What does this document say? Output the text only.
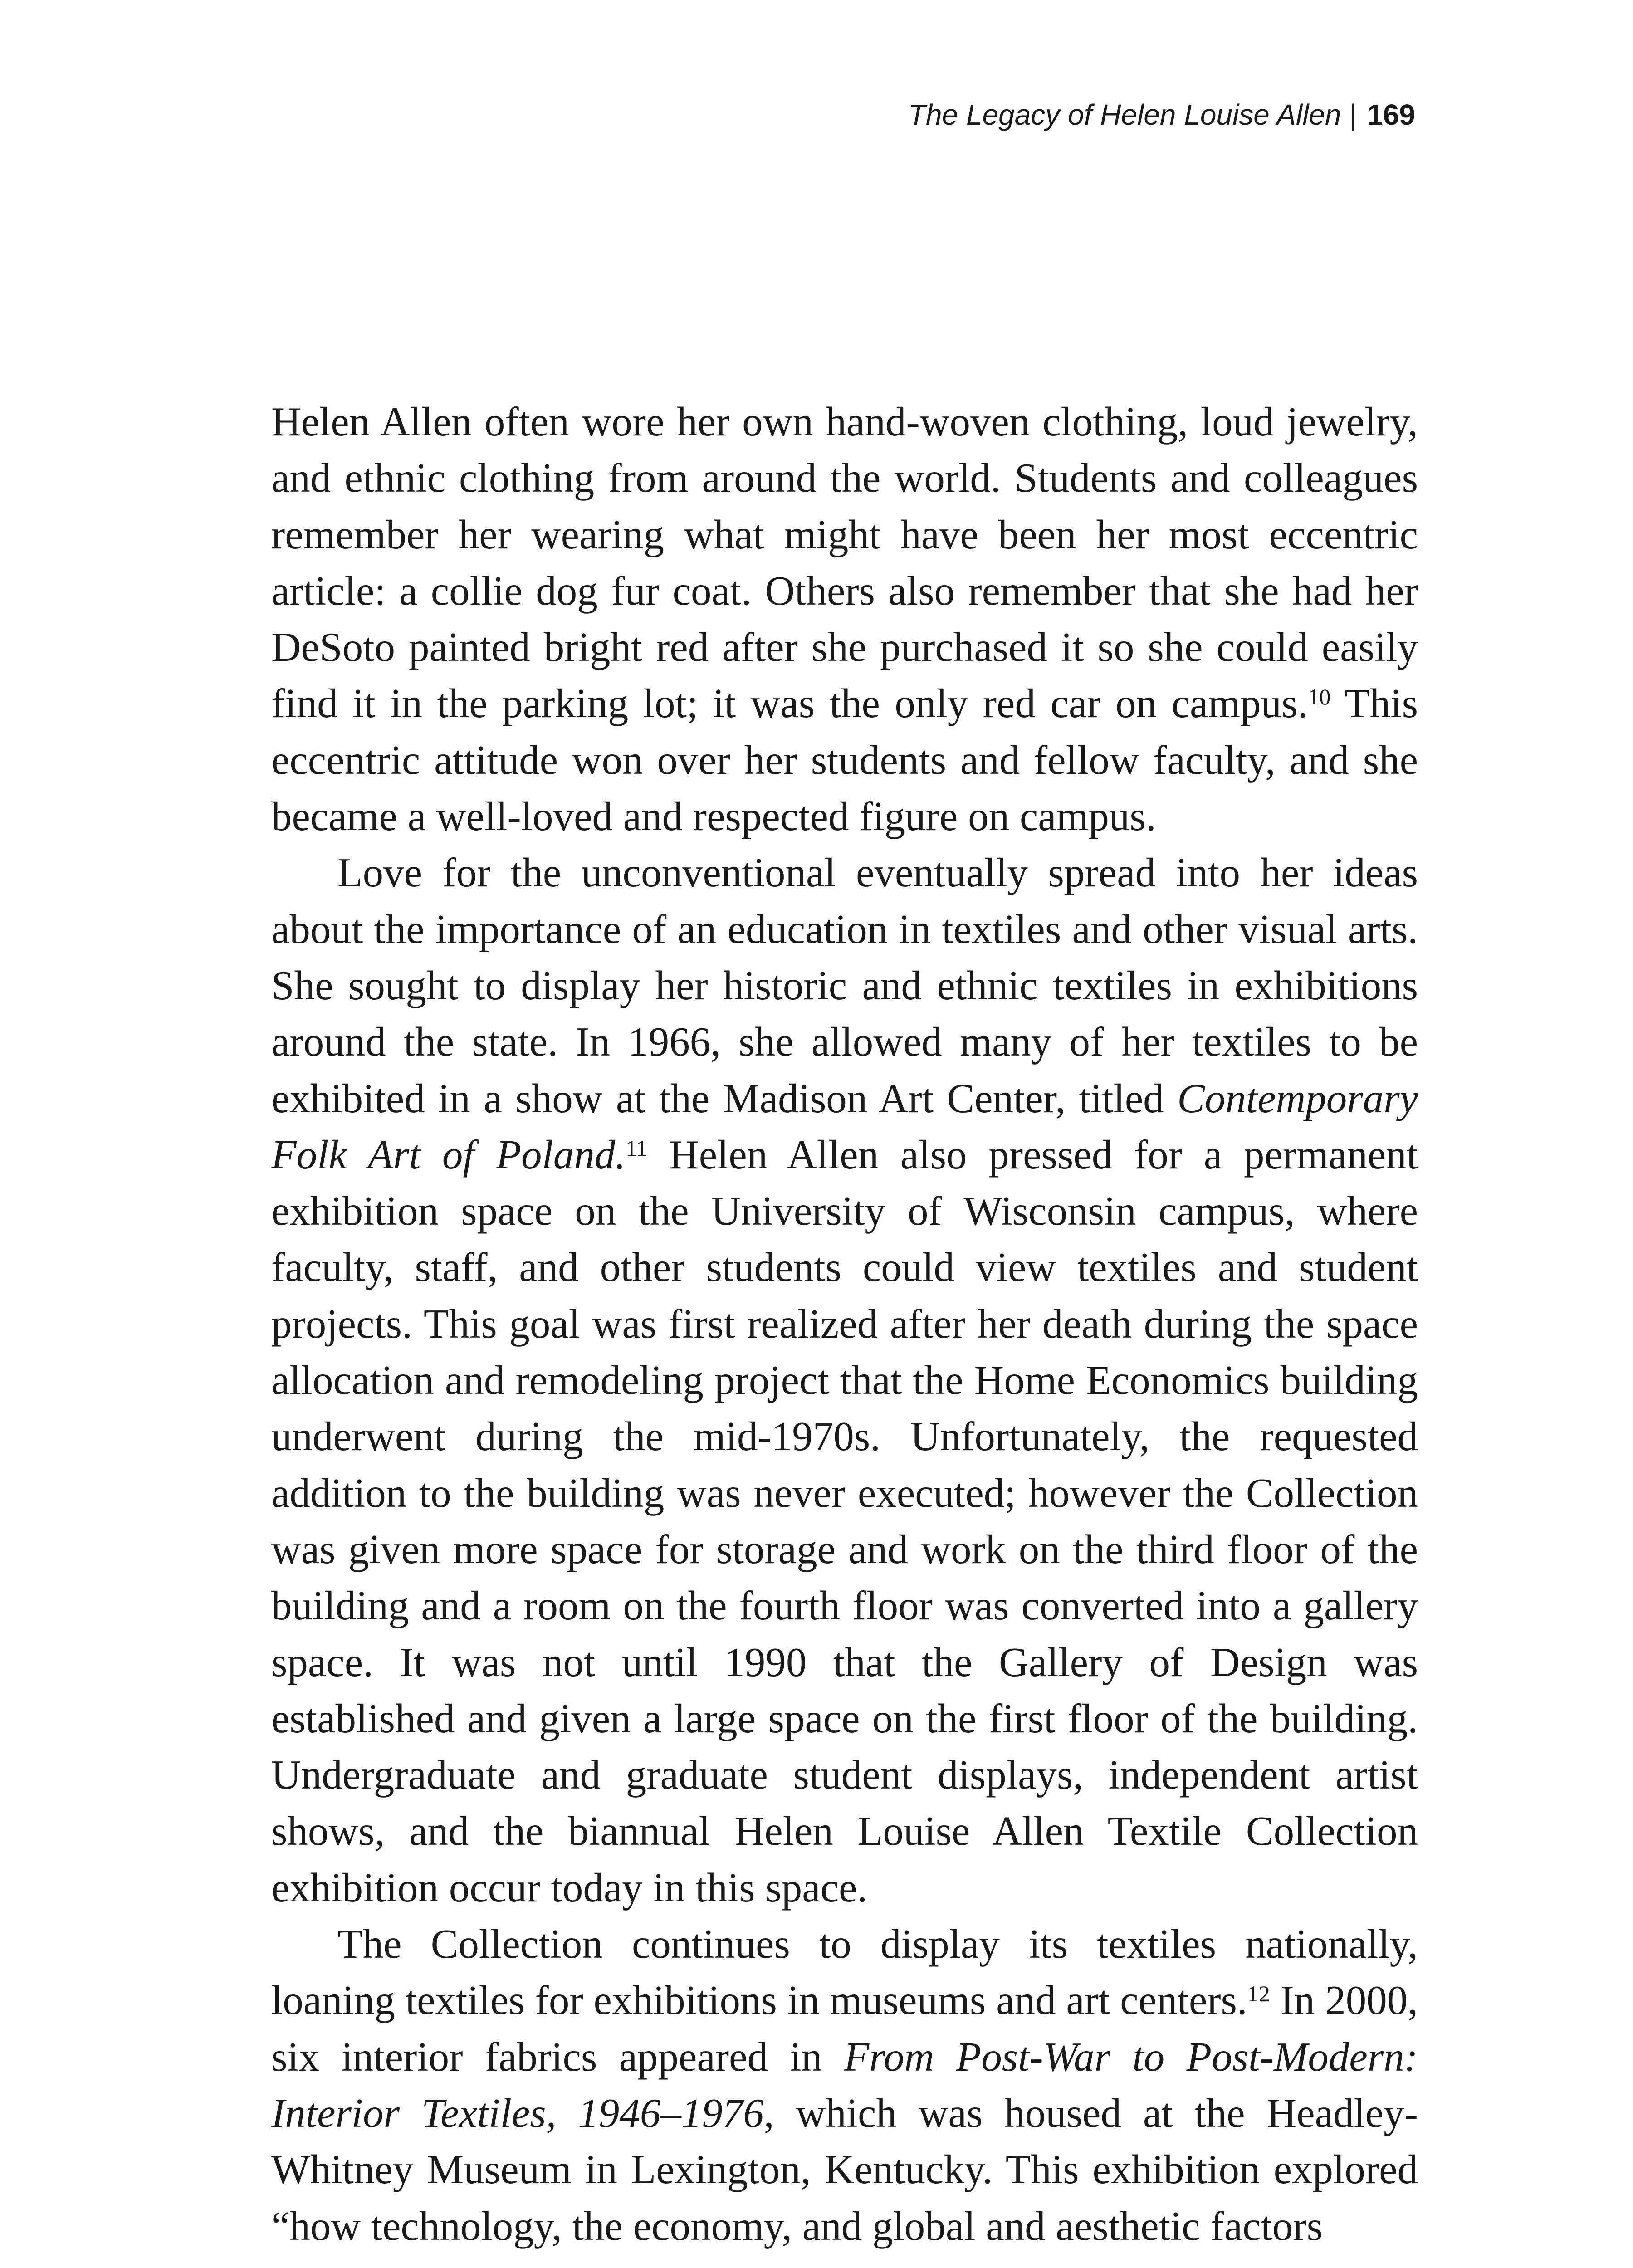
The Legacy of Helen Louise Allen | 169

Helen Allen often wore her own hand-woven clothing, loud jewelry, and ethnic clothing from around the world. Students and colleagues remember her wearing what might have been her most eccentric article: a collie dog fur coat. Others also remember that she had her DeSoto painted bright red after she purchased it so she could easily find it in the parking lot; it was the only red car on campus.$^{10}$ This eccentric attitude won over her students and fellow faculty, and she became a well-loved and respected figure on campus.

Love for the unconventional eventually spread into her ideas about the importance of an education in textiles and other visual arts. She sought to display her historic and ethnic textiles in exhibitions around the state. In 1966, she allowed many of her textiles to be exhibited in a show at the Madison Art Center, titled Contemporary Folk Art of Poland.$^{11}$ Helen Allen also pressed for a permanent exhibition space on the University of Wisconsin campus, where faculty, staff, and other students could view textiles and student projects. This goal was first realized after her death during the space allocation and remodeling project that the Home Economics building underwent during the mid-1970s. Unfortunately, the requested addition to the building was never executed; however the Collection was given more space for storage and work on the third floor of the building and a room on the fourth floor was converted into a gallery space. It was not until 1990 that the Gallery of Design was established and given a large space on the first floor of the building. Undergraduate and graduate student displays, independent artist shows, and the biannual Helen Louise Allen Textile Collection exhibition occur today in this space.

The Collection continues to display its textiles nationally, loaning textiles for exhibitions in museums and art centers.$^{12}$ In 2000, six interior fabrics appeared in From Post-War to Post-Modern: Interior Textiles, 1946–1976, which was housed at the Headley-Whitney Museum in Lexington, Kentucky. This exhibition explored “how technology, the economy, and global and aesthetic factors
